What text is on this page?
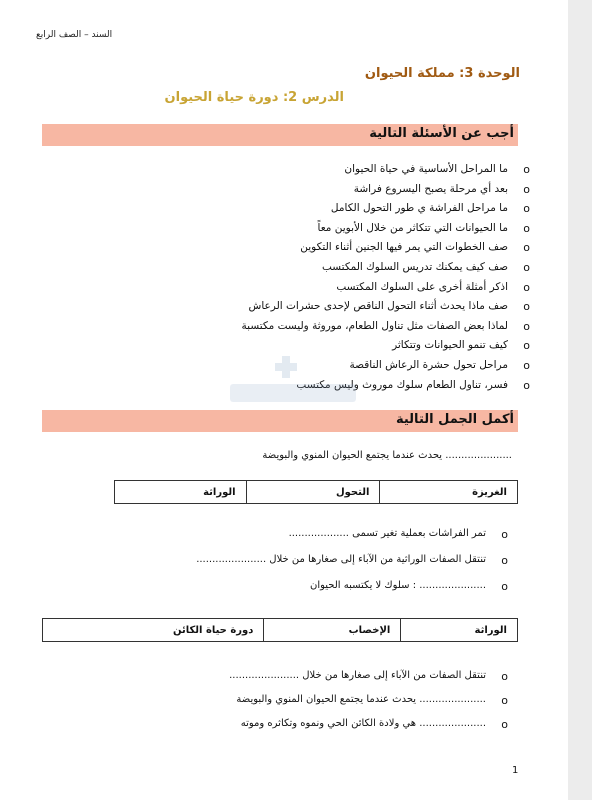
السند – الصف الرابع
الوحدة 3: مملكة الحيوان
الدرس 2: دورة حياة الحيوان
أجب عن الأسئلة التالية
o
ما المراحل الأساسية في حياة الحيوان
o
بعد أي مرحلة يصبح اليسروع فراشة
o
ما مراحل الفراشة ي طور التحول الكامل
o
ما الحيوانات التي تتكاثر من خلال الأبوين معاً
o
صف الخطوات التي يمر فيها الجنين أثناء التكوين
o
صف كيف يمكنك تدريس السلوك المكتسب
o
اذكر أمثلة أخرى على السلوك المكتسب
o
صف ماذا يحدث أثناء التحول الناقص لإحدى حشرات الرعاش
o
لماذا بعض الصفات مثل تناول الطعام، موروثة وليست مكتسبة
o
كيف تنمو الحيوانات وتتكاثر
o
مراحل تحول حشرة الرعاش الناقصة
o
فسر، تناول الطعام سلوك موروث وليس مكتسب
أكمل الجمل التالية
..................... يحدث عندما يجتمع الحيوان المنوي والبويضة
الغريزة	التحول	الوراثة
o
تمر الفراشات بعملية تغير تسمى ...................
o
تنتقل الصفات الوراثية من الآباء إلى صغارها من خلال ......................
o
..................... : سلوك لا يكتسبه الحيوان
الوراثة	الإخصاب	دورة حياة الكائن
o
تنتقل الصفات من الآباء إلى صغارها من خلال ......................
o
..................... يحدث عندما يجتمع الحيوان المنوي والبويضة
o
..................... هي ولادة الكائن الحي ونموه وتكاثره وموته
1
